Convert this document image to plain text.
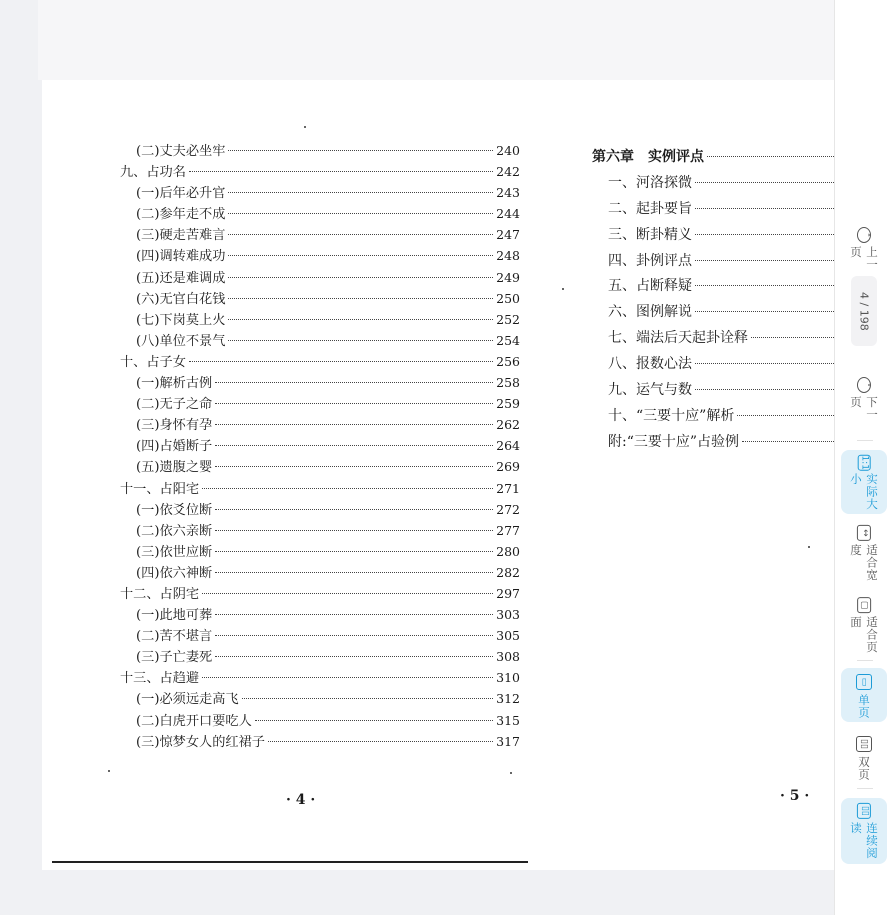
(二)丈夫必坐牢	240
九、占功名	242
(一)后年必升官	243
(二)参年走不成	244
(三)硬走苦难言	247
(四)调转难成功	248
(五)还是难调成	249
(六)无官白花钱	250
(七)下岗莫上火	252
(八)单位不景气	254
十、占子女	256
(一)解析古例	258
(二)无子之命	259
(三)身怀有孕	262
(四)占婚断子	264
(五)遗腹之婴	269
十一、占阳宅	271
(一)依爻位断	272
(二)依六亲断	277
(三)依世应断	280
(四)依六神断	282
十二、占阴宅	297
(一)此地可葬	303
(二)苦不堪言	305
(三)子亡妻死	308
十三、占趋避	310
(一)必须远走高飞	312
(二)白虎开口要吃人	315
(三)惊梦女人的红裙子	317
第六章　实例评点
一、河洛探微
二、起卦要旨
三、断卦精义
四、卦例评点
五、占断释疑
六、图例解说
七、端法后天起卦诠释
八、报数心法
九、运气与数
十、“三要十应”解析
附:“三要十应”占验例
· 4 ·	· 5 ·
˄
上一页
4 / 198
˅
下一页
1:1
实际大小
↔
适合宽度
▢
适合页面
▭
单页
▯▯
双页
▯▯
连续阅读
